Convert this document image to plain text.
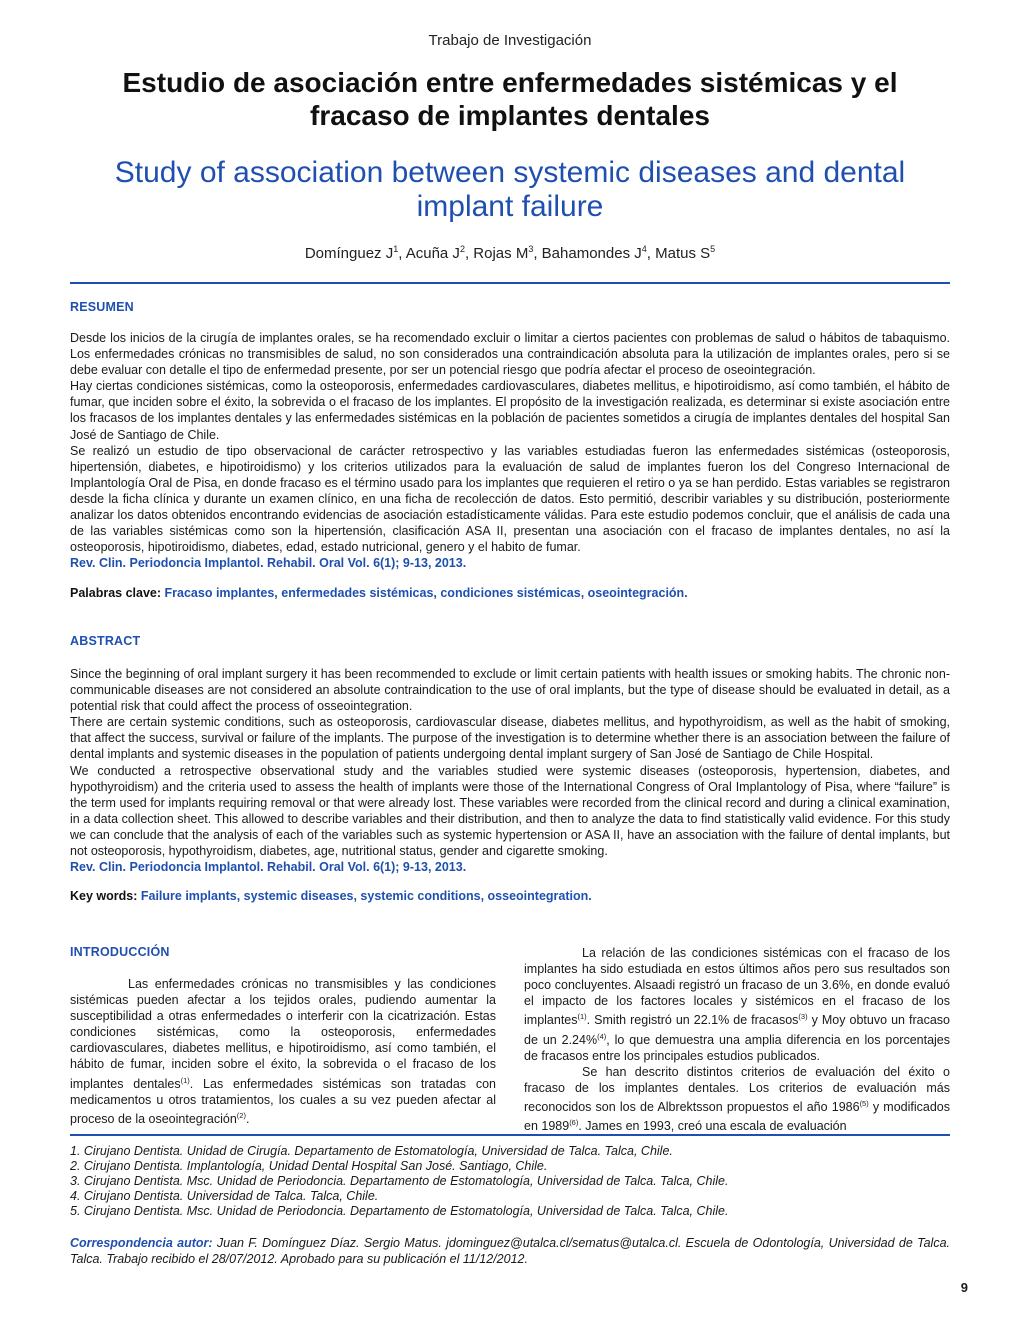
Trabajo de Investigación
Estudio de asociación entre enfermedades sistémicas y el
fracaso de implantes dentales
Study of association between systemic diseases and dental
implant failure
Domínguez $J^1$, Acuña $J^2$, Rojas $M^3$, Bahamondes $J^4$, Matus $S^5$
RESUMEN

Desde los inicios de la cirugía de implantes orales, se ha recomendado excluir o limitar a ciertos pacientes con problemas de salud o hábitos de tabaquismo. Los enfermedades crónicas no transmisibles de salud, no son considerados una contraindicación absoluta para la utilización de implantes orales, pero si se debe evaluar con detalle el tipo de enfermedad presente, por ser un potencial riesgo que podría afectar el proceso de oseointegración.

Hay ciertas condiciones sistémicas, como la osteoporosis, enfermedades cardiovasculares, diabetes mellitus, e hipotiroidismo, así como también, el hábito de fumar, que inciden sobre el éxito, la sobrevida o el fracaso de los implantes. El propósito de la investigación realizada, es determinar si existe asociación entre los fracasos de los implantes dentales y las enfermedades sistémicas en la población de pacientes sometidos a cirugía de implantes dentales del hospital San José de Santiago de Chile.

Se realizó un estudio de tipo observacional de carácter retrospectivo y las variables estudiadas fueron las enfermedades sistémicas (osteoporosis, hipertensión, diabetes, e hipotiroidismo) y los criterios utilizados para la evaluación de salud de implantes fueron los del Congreso Internacional de Implantología Oral de Pisa, en donde fracaso es el término usado para los implantes que requieren el retiro o ya se han perdido. Estas variables se registraron desde la ficha clínica y durante un examen clínico, en una ficha de recolección de datos. Esto permitió, describir variables y su distribución, posteriormente analizar los datos obtenidos encontrando evidencias de asociación estadísticamente válidas. Para este estudio podemos concluir, que el análisis de cada una de las variables sistémicas como son la hipertensión, clasificación ASA II, presentan una asociación con el fracaso de implantes dentales, no así la osteoporosis, hipotiroidismo, diabetes, edad, estado nutricional, genero y el habito de fumar.

Rev. Clin. Periodoncia Implantol. Rehabil. Oral Vol. 6(1); 9-13, 2013.

Palabras clave: Fracaso implantes, enfermedades sistémicas, condiciones sistémicas, oseointegración.
ABSTRACT

Since the beginning of oral implant surgery it has been recommended to exclude or limit certain patients with health issues or smoking habits. The chronic non-communicable diseases are not considered an absolute contraindication to the use of oral implants, but the type of disease should be evaluated in detail, as a potential risk that could affect the process of osseointegration.

There are certain systemic conditions, such as osteoporosis, cardiovascular disease, diabetes mellitus, and hypothyroidism, as well as the habit of smoking, that affect the success, survival or failure of the implants. The purpose of the investigation is to determine whether there is an association between the failure of dental implants and systemic diseases in the population of patients undergoing dental implant surgery of San José de Santiago de Chile Hospital.

We conducted a retrospective observational study and the variables studied were systemic diseases (osteoporosis, hypertension, diabetes, and hypothyroidism) and the criteria used to assess the health of implants were those of the International Congress of Oral Implantology of Pisa, where “failure” is the term used for implants requiring removal or that were already lost. These variables were recorded from the clinical record and during a clinical examination, in a data collection sheet. This allowed to describe variables and their distribution, and then to analyze the data to find statistically valid evidence. For this study we can conclude that the analysis of each of the variables such as systemic hypertension or ASA II, have an association with the failure of dental implants, but not osteoporosis, hypothyroidism, diabetes, age, nutritional status, gender and cigarette smoking.

Rev. Clin. Periodoncia Implantol. Rehabil. Oral Vol. 6(1); 9-13, 2013.

Key words: Failure implants, systemic diseases, systemic conditions, osseointegration.
INTRODUCCIÓN

Las enfermedades crónicas no transmisibles y las condiciones sistémicas pueden afectar a los tejidos orales, pudiendo aumentar la susceptibilidad a otras enfermedades o interferir con la cicatrización. Estas condiciones sistémicas, como la osteoporosis, enfermedades cardiovasculares, diabetes mellitus, e hipotiroidismo, así como también, el hábito de fumar, inciden sobre el éxito, la sobrevida o el fracaso de los implantes dentales$^{(1)}$. Las enfermedades sistémicas son tratadas con medicamentos u otros tratamientos, los cuales a su vez pueden afectar al proceso de la oseointegración$^{(2)}$.

La relación de las condiciones sistémicas con el fracaso de los implantes ha sido estudiada en estos últimos años pero sus resultados son poco concluyentes. Alsaadi registró un fracaso de un 3.6%, en donde evaluó el impacto de los factores locales y sistémicos en el fracaso de los implantes$^{(1)}$. Smith registró un 22.1% de fracasos$^{(3)}$ y Moy obtuvo un fracaso de un 2.24%$^{(4)}$, lo que demuestra una amplia diferencia en los porcentajes de fracasos entre los principales estudios publicados.

Se han descrito distintos criterios de evaluación del éxito o fracaso de los implantes dentales. Los criterios de evaluación más reconocidos son los de Albrektsson propuestos el año 1986$^{(5)}$ y modificados en 1989$^{(6)}$. James en 1993, creó una escala de evaluación

1. Cirujano Dentista. Unidad de Cirugía. Departamento de Estomatología, Universidad de Talca. Talca, Chile.
2. Cirujano Dentista. Implantología, Unidad Dental Hospital San José. Santiago, Chile.
3. Cirujano Dentista. Msc. Unidad de Periodoncia. Departamento de Estomatología, Universidad de Talca. Talca, Chile.
4. Cirujano Dentista. Universidad de Talca. Talca, Chile.
5. Cirujano Dentista. Msc. Unidad de Periodoncia. Departamento de Estomatología, Universidad de Talca. Talca, Chile.
Correspondencia autor: Juan F. Domínguez Díaz. Sergio Matus. jdominguez@utalca.cl/sematus@utalca.cl. Escuela de Odontología, Universidad de Talca. Talca. Trabajo recibido el 28/07/2012. Aprobado para su publicación el 11/12/2012.
9
